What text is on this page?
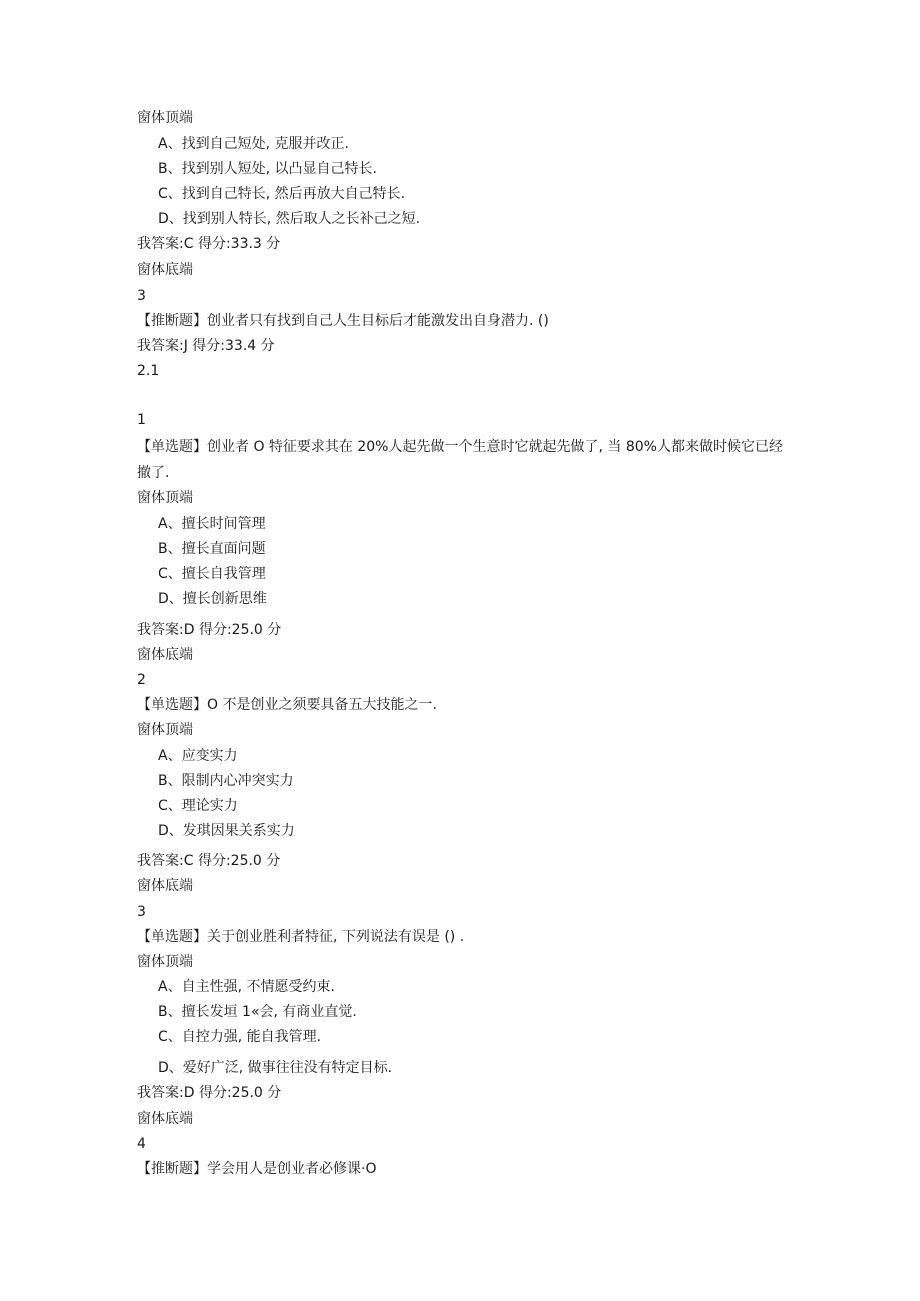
窗体顶端
A、找到自己短处, 克服并改正.
B、找到别人短处, 以凸显自己特长.
C、找到自己特长, 然后再放大自己特长.
D、找到别人特长, 然后取人之长补己之短.
我答案:C 得分:33.3 分
窗体底端
3
【推断题】创业者只有找到自己人生目标后才能激发出自身潜力. ()
我答案:J 得分:33.4 分
2.1
1
【单选题】创业者 O 特征要求其在 20%人起先做一个生意时它就起先做了, 当 80%人都来做时候它已经撤了.
窗体顶端
A、擅长时间管理
B、擅长直面问题
C、擅长自我管理
D、擅长创新思维
我答案:D 得分:25.0 分
窗体底端
2
【单选题】O 不是创业之须要具备五大技能之一.
窗体顶端
A、应变实力
B、限制内心冲突实力
C、理论实力
D、发琪因果关系实力
我答案:C 得分:25.0 分
窗体底端
3
【单选题】关于创业胜利者特征, 下列说法有误是 () .
窗体顶端
A、自主性强, 不情愿受约束.
B、擅长发垣 1«会, 有商业直觉.
C、自控力强, 能自我管理.
D、爱好广泛, 做事往往没有特定目标.
我答案:D 得分:25.0 分
窗体底端
4
【推断题】学会用人是创业者必修课·O
